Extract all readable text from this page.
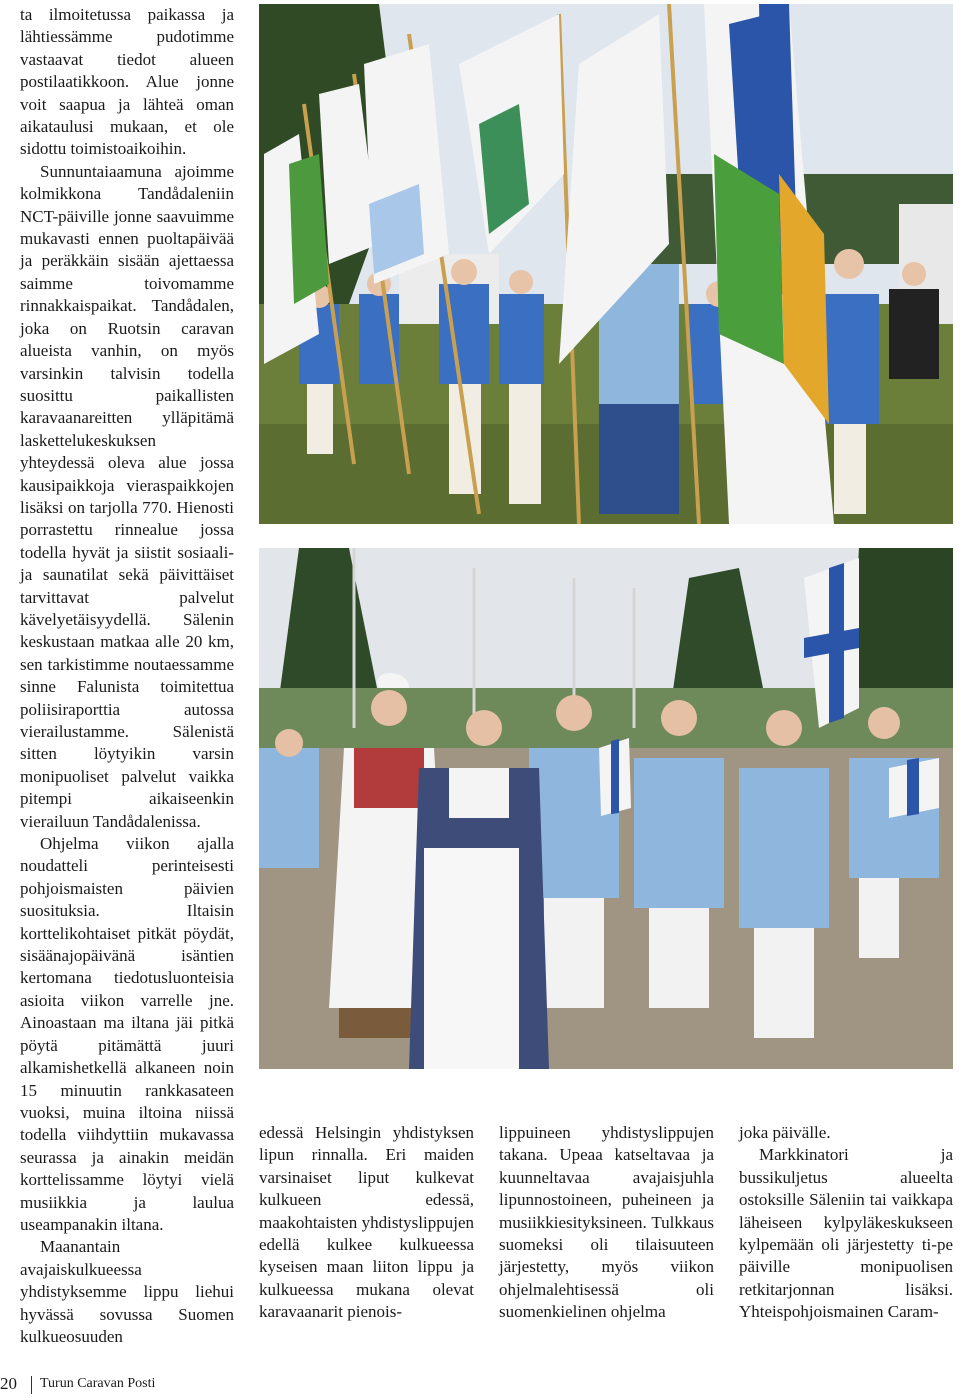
ta ilmoitetussa paikassa ja lähtiessämme pudotimme vastaavat tiedot alueen postilaatikkoon. Alue jonne voit saapua ja lähteä oman aikataulusi mukaan, et ole sidottu toimistoaikoihin.

Sunnuntaiaamuna ajoimme kolmikkona Tandådaleniin NCT-päiville jonne saavuimme mukavasti ennen puoltapäivää ja peräkkäin sisään ajettaessa saimme toivomamme rinnakkaispaikat. Tandådalen, joka on Ruotsin caravan alueista vanhin, on myös varsinkin talvisin todella suosittu paikallisten karavaanareitten ylläpitämä laskettelukeskuksen yhteydessä oleva alue jossa kausipaikkoja vieraspaikkojen lisäksi on tarjolla 770. Hienosti porrastettu rinnealue jossa todella hyvät ja siistit sosiaali- ja saunatilat sekä päivittäiset tarvittavat palvelut kävelyetäisyydellä. Sälenin keskustaan matkaa alle 20 km, sen tarkistimme noutaessamme sinne Falunista toimitettua poliisiraporttia autossa vierailustamme. Sälenistä sitten löytyikin varsin monipuoliset palvelut vaikka pitempi aikaiseenkin vierailuun Tandådalenissa.

Ohjelma viikon ajalla noudatteli perinteisesti pohjoismaisten päivien suosituksia. Iltaisin korttelikohtaiset pitkät pöydät, sisäänajopäivänä isäntien kertomana tiedotusluonteisia asioita viikon varrelle jne. Ainoastaan ma iltana jäi pitkä pöytä pitämättä juuri alkamishetkellä alkaneen noin 15 minuutin rankkasateen vuoksi, muina iltoina niissä todella viihdyttiin mukavassa seurassa ja ainakin meidän korttelissamme löytyi vielä musiikkia ja laulua useampanakin iltana.

Maanantain avajaiskulkueessa yhdistyksemme lippu liehui hyvässä sovussa Suomen kulkueosuuden

edessä Helsingin yhdistyksen lipun rinnalla. Eri maiden varsinaiset liput kulkevat kulkueen edessä, maakohtaisten yhdistyslippujen edellä kulkee kulkueessa kyseisen maan liiton lippu ja kulkueessa mukana olevat karavaanarit pienois-

lippuineen yhdistyslippujen takana. Upeaa katseltavaa ja kuunneltavaa avajaisjuhla lipunnostoineen, puheineen ja musiikkiesityksineen. Tulkkaus suomeksi oli tilaisuuteen järjestetty, myös viikon ohjelmalehtisessä oli suomenkielinen ohjelma

joka päivälle.

Markkinatori ja bussikuljetus alueelta ostoksille Säleniin tai vaikkapa läheiseen kylpyläkeskukseen kylpemään oli järjestetty ti-pe päiville monipuolisen retkitarjonnan lisäksi. Yhteispohjoismainen Caram-

20 Turun Caravan Posti
